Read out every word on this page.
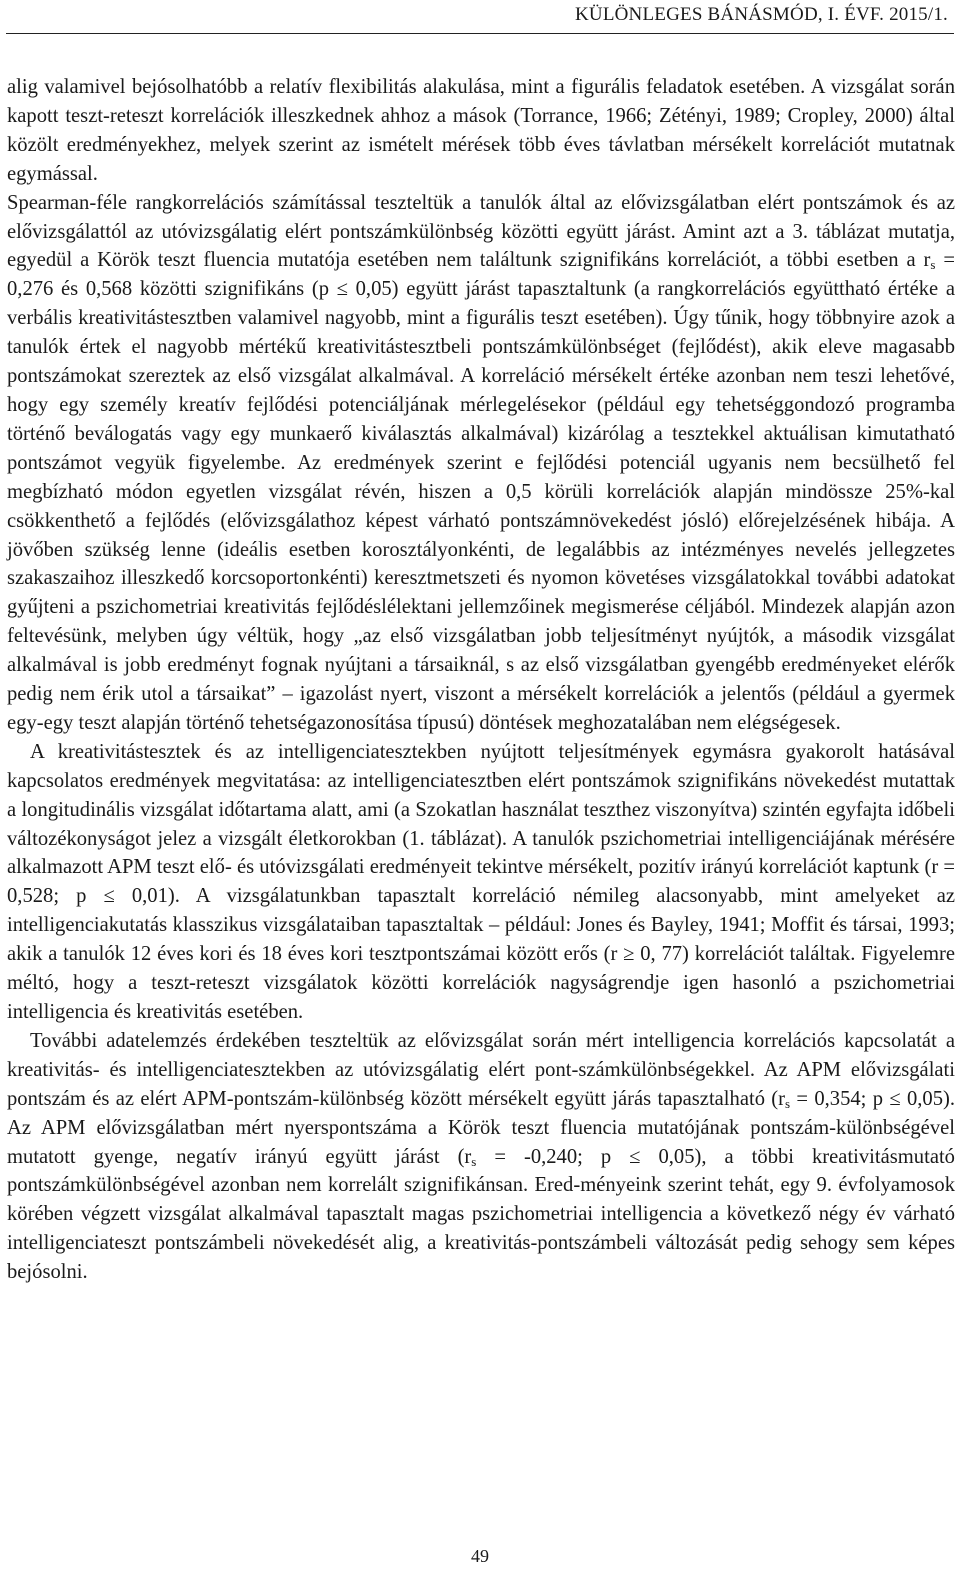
KÜLÖNLEGES BÁNÁSMÓD, I. ÉVF. 2015/1.

alig valamivel bejósolhatóbb a relatív flexibilitás alakulása, mint a figurális feladatok esetében. A vizsgálat során kapott teszt-reteszt korrelációk illeszkednek ahhoz a mások (Torrance, 1966; Zétényi, 1989; Cropley, 2000) által közölt eredményekhez, melyek szerint az ismételt mérések több éves távlatban mérsékelt korrelációt mutatnak egymással.

Spearman-féle rangkorrelációs számítással teszteltük a tanulók által az elővizsgálatban elért pontszámok és az elővizsgálattól az utóvizsgálatig elért pontszámkülönbség közötti együtt járást. Amint azt a 3. táblázat mutatja, egyedül a Körök teszt fluencia mutatója esetében nem találtunk szignifikáns korrelációt, a többi esetben a $r_s = 0,276$ és 0,568 közötti szignifikáns (p ≤ 0,05) együtt járást tapasztaltunk (a rangkorrelációs együttható értéke a verbális kreativitástesztben valamivel nagyobb, mint a figurális teszt esetében). Úgy tűnik, hogy többnyire azok a tanulók értek el nagyobb mértékű kreativitástesztbeli pontszámkülönbséget (fejlődést), akik eleve magasabb pontszámokat szereztek az első vizsgálat alkalmával. A korreláció mérsékelt értéke azonban nem teszi lehetővé, hogy egy személy kreatív fejlődési potenciáljának mérlegelésekor (például egy tehetséggondozó programba történő beválogatás vagy egy munkaerő kiválasztás alkalmával) kizárólag a tesztekkel aktuálisan kimutatható pontszámot vegyük figyelembe. Az eredmények szerint e fejlődési potenciál ugyanis nem becsülhető fel megbízható módon egyetlen vizsgálat révén, hiszen a 0,5 körüli korrelációk alapján mindössze 25%-kal csökkenthető a fejlődés (elővizsgálathoz képest várható pontszámnövekedést jósló) előrejelzésének hibája. A jövőben szükség lenne (ideális esetben korosztályonkénti, de legalábbis az intézményes nevelés jellegzetes szakaszaihoz illeszkedő korcsoportonkénti) keresztmetszeti és nyomon követéses vizsgálatokkal további adatokat gyűjteni a pszichometriai kreativitás fejlődéslélektani jellemzőinek megismerése céljából. Mindezek alapján azon feltevésünk, melyben úgy véltük, hogy „az első vizsgálatban jobb teljesítményt nyújtók, a második vizsgálat alkalmával is jobb eredményt fognak nyújtani a társaiknál, s az első vizsgálatban gyengébb eredményeket elérők pedig nem érik utol a társaikat” – igazolást nyert, viszont a mérsékelt korrelációk a jelentős (például a gyermek egy-egy teszt alapján történő tehetségazonosítása típusú) döntések meghozatalában nem elégségesek.

A kreativitástesztek és az intelligenciatesztekben nyújtott teljesítmények egymásra gyakorolt hatásával kapcsolatos eredmények megvitatása: az intelligenciatesztben elért pontszámok szignifikáns növekedést mutattak a longitudinális vizsgálat időtartama alatt, ami (a Szokatlan használat teszthez viszonyítva) szintén egyfajta időbeli változékonyságot jelez a vizsgált életkorokban (1. táblázat). A tanulók pszichometriai intelligenciájának mérésére alkalmazott APM teszt elő- és utóvizsgálati eredményeit tekintve mérsékelt, pozitív irányú korrelációt kaptunk (r = 0,528; p ≤ 0,01). A vizsgálatunkban tapasztalt korreláció némileg alacsonyabb, mint amelyeket az intelligenciakutatás klasszikus vizsgálataiban tapasztaltak – például: Jones és Bayley, 1941; Moffit és társai, 1993; akik a tanulók 12 éves kori és 18 éves kori tesztpontszámai között erős (r ≥ 0, 77) korrelációt találtak. Figyelemre méltó, hogy a teszt-reteszt vizsgálatok közötti korrelációk nagyságrendje igen hasonló a pszichometriai intelligencia és kreativitás esetében.

További adatelemzés érdekében teszteltük az elővizsgálat során mért intelligencia korrelációs kapcsolatát a kreativitás- és intelligenciatesztekben az utóvizsgálatig elért pont-számkülönbségekkel. Az APM elővizsgálati pontszám és az elért APM-pontszám-különbség között mérsékelt együtt járás tapasztalható ($r_s = 0,354$; p ≤ 0,05). Az APM elővizsgálatban mért nyerspontszáma a Körök teszt fluencia mutatójának pontszám-különbségével mutatott gyenge, negatív irányú együtt járást ($r_s = -0,240$; p ≤ 0,05), a többi kreativitásmutató pontszámkülönbségével azonban nem korrelált szignifikánsan. Ered-ményeink szerint tehát, egy 9. évfolyamosok körében végzett vizsgálat alkalmával tapasztalt magas pszichometriai intelligencia a következő négy év várható intelligenciateszt pontszámbeli növekedését alig, a kreativitás-pontszámbeli változását pedig sehogy sem képes bejósolni.

49
